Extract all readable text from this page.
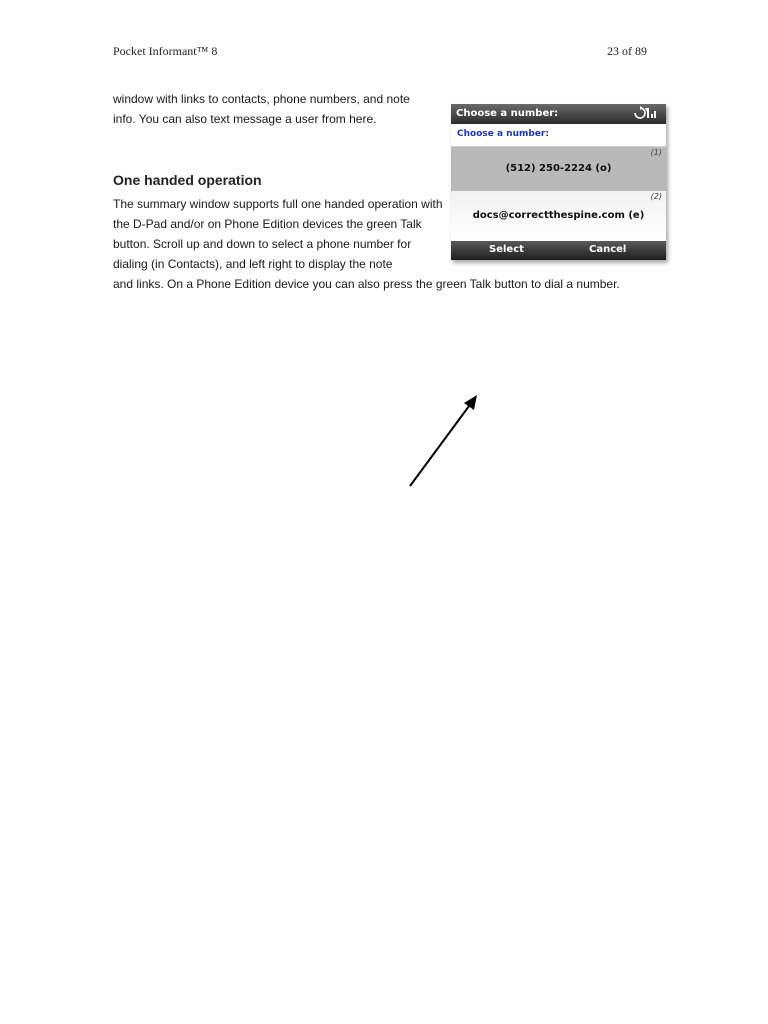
Pocket Informant™ 8	23 of 89

window with links to contacts, phone numbers, and note info. You can also text message a user from here.

One handed operation

The summary window supports full one handed operation with the D-Pad and/or on Phone Edition devices the green Talk button. Scroll up and down to select a phone number for dialing (in Contacts), and left right to display the note

and links. On a Phone Edition device you can also press the green Talk button to dial a number.

Choose a number:
Choose a number:
(1)
(512) 250-2224 (o)
(2)
docs@correctthespine.com (e)
Select	Cancel
